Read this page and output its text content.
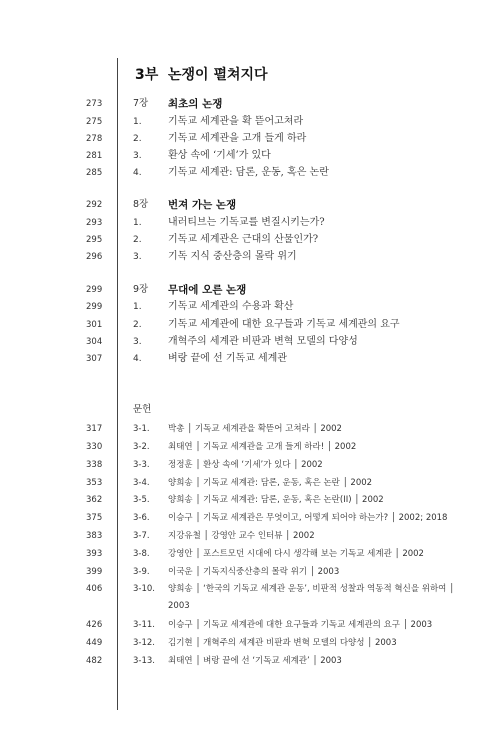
3부 논쟁이 펼쳐지다
273	7장 최초의 논쟁
275	1.	기독교 세계관을 확 뜯어고쳐라
278	2.	기독교 세계관을 고개 들게 하라
281	3.	환상 속에 ‘기세’가 있다
285	4.	기독교 세계관: 담론, 운동, 혹은 논란
292	8장 번져 가는 논쟁
293	1.	내러티브는 기독교를 변질시키는가?
295	2.	기독교 세계관은 근대의 산물인가?
296	3.	기독 지식 중산층의 몰락 위기
299	9장 무대에 오른 논쟁
299	1.	기독교 세계관의 수용과 확산
301	2.	기독교 세계관에 대한 요구들과 기독교 세계관의 요구
304	3.	개혁주의 세계관 비판과 변혁 모델의 다양성
307	4.	벼랑 끝에 선 기독교 세계관
문헌
317	3-1. 박총 │ 기독교 세계관을 확뜯어 고쳐라 │ 2002
330	3-2. 최태연 │ 기독교 세계관을 고개 들게 하라! │ 2002
338	3-3. 정정훈 │ 환상 속에 ‘기세’가 있다 │ 2002
353	3-4. 양희송 │ 기독교 세계관: 담론, 운동, 혹은 논란 │ 2002
362	3-5. 양희송 │ 기독교 세계관: 담론, 운동, 혹은 논란(II) │ 2002
375	3-6. 이승구 │ 기독교 세계관은 무엇이고, 어떻게 되어야 하는가? │ 2002; 2018
383	3-7. 지강유철 │ 강영안 교수 인터뷰 │ 2002
393	3-8. 강영안 │ 포스트모던 시대에 다시 생각해 보는 기독교 세계관 │ 2002
399	3-9. 이국운 │ 기독지식중산층의 몰락 위기 │ 2003
406	3-10. 양희송 │ ‘한국의 기독교 세계관 운동’, 비판적 성찰과 역동적 혁신을 위하여 │
2003
426	3-11. 이승구 │ 기독교 세계관에 대한 요구들과 기독교 세계관의 요구 │ 2003
449	3-12. 김기현 │ 개혁주의 세계관 비판과 변혁 모델의 다양성 │ 2003
482	3-13. 최태연 │ 벼랑 끝에 선 ‘기독교 세계관’ │ 2003
